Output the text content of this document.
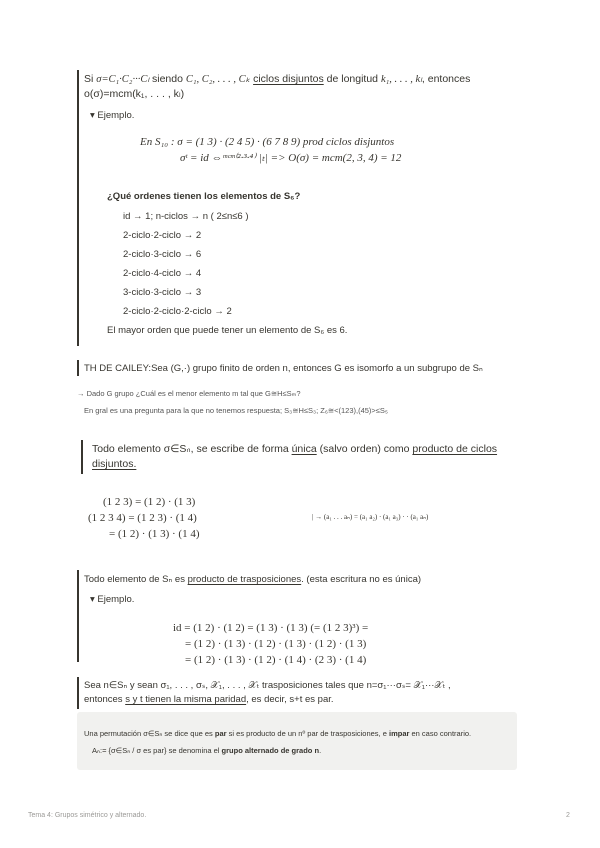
Si σ=C₁·C₂···Cₗ siendo C₁, C₂, . . . , Cₖ ciclos disjuntos de longitud k₁, . . . , kₗ, entonces
o(σ)=mcm(k₁, . . . , kₗ)
▾ Ejemplo.
En S₁₀ : σ = (1 3) · (2 4 5) · (6 7 8 9) prod ciclos disjuntos
σᵗ = id ⇔ᵐᶜᵐ⁽²·³·⁴⁾ |ₜ| => O(σ) = mcm(2, 3, 4) = 12
¿Qué ordenes tienen los elementos de S₆?
id → 1; n-ciclos → n ( 2≤n≤6 )
2-ciclo·2-ciclo → 2
2-ciclo·3-ciclo → 6
2-ciclo·4-ciclo → 4
3-ciclo·3-ciclo → 3
2-ciclo·2-ciclo·2-ciclo → 2
El mayor orden que puede tener un elemento de S₆ es 6.
TH DE CAILEY:Sea (G,·) grupo finito de orden n, entonces G es isomorfo a un subgrupo de Sₙ
→ Dado G grupo ¿Cuál es el menor elemento m tal que G≅H≤Sₘ?
En gral es una pregunta para la que no tenemos respuesta; S₃≅H≤S₃; Z₆≅<(123),(45)>≤S₅
Todo elemento σ∈Sₙ, se escribe de forma única (salvo orden) como producto de ciclos disjuntos.
(1 2 3) = (1 2) · (1 3)
(1 2 3 4) = (1 2 3) · (1 4)
= (1 2) · (1 3) · (1 4)
| → (a₁ . . . aₙ) = (a₁ a₂) · (a₁ a₃) · · (a₁ aₙ)
Todo elemento de Sₙ es producto de trasposiciones. (esta escritura no es única)
▾ Ejemplo.
id = (1 2) · (1 2) = (1 3) · (1 3) (= (1 2 3)³) =
= (1 2) · (1 3) · (1 2) · (1 3) · (1 2) · (1 3)
= (1 2) · (1 3) · (1 2) · (1 4) · (2 3) · (1 4)
Sea n∈Sₙ y sean σ₁, . . . , σₛ, 𝒳₁, . . . , 𝒳ₜ trasposiciones tales que n=σ₁···σₛ= 𝒳₁···𝒳ₜ ,
entonces s y t tienen la misma paridad, es decir, s+t es par.
Una permutación σ∈Sₙ se dice que es par si es producto de un nº par de trasposiciones, e impar en caso contrario.
Aₙ:= {σ∈Sₙ / σ es par} se denomina el grupo alternado de grado n.
Tema 4: Grupos simétrico y alternado.	2
